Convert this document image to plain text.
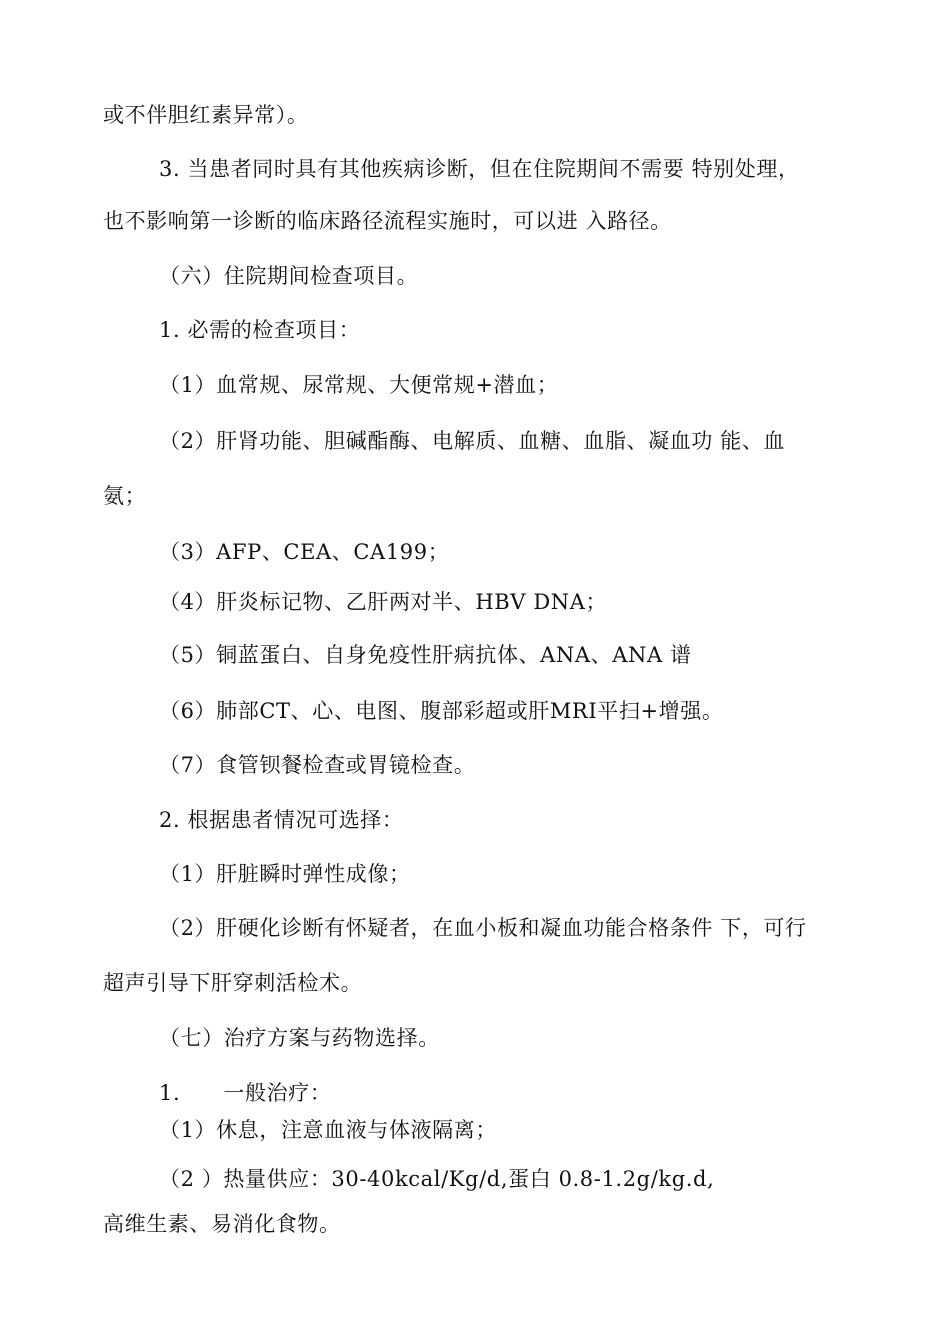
或不伴胆红素异常）。
3. 当患者同时具有其他疾病诊断，但在住院期间不需要 特别处理，
也不影响第一诊断的临床路径流程实施时，可以进 入路径。
（六）住院期间检查项目。
1. 必需的检查项目：
（1）血常规、尿常规、大便常规+潜血；
（2）肝肾功能、胆碱酯酶、电解质、血糖、血脂、凝血功 能、血
氨；
（3）AFP、CEA、CA199；
（4）肝炎标记物、乙肝两对半、HBV DNA；
（5）铜蓝蛋白、自身免疫性肝病抗体、ANA、ANA 谱
（6）肺部CT、心、电图、腹部彩超或肝MRI平扫+增强。
（7）食管钡餐检查或胃镜检查。
2. 根据患者情况可选择：
（1）肝脏瞬时弹性成像；
（2）肝硬化诊断有怀疑者，在血小板和凝血功能合格条件 下，可行
超声引导下肝穿刺活检术。
（七）治疗方案与药物选择。
1.　　一般治疗：
（1）休息，注意血液与体液隔离；
（2 ）热量供应：30-40kcal/Kg/d,蛋白 0.8-1.2g/kg.d,
高维生素、易消化食物。
